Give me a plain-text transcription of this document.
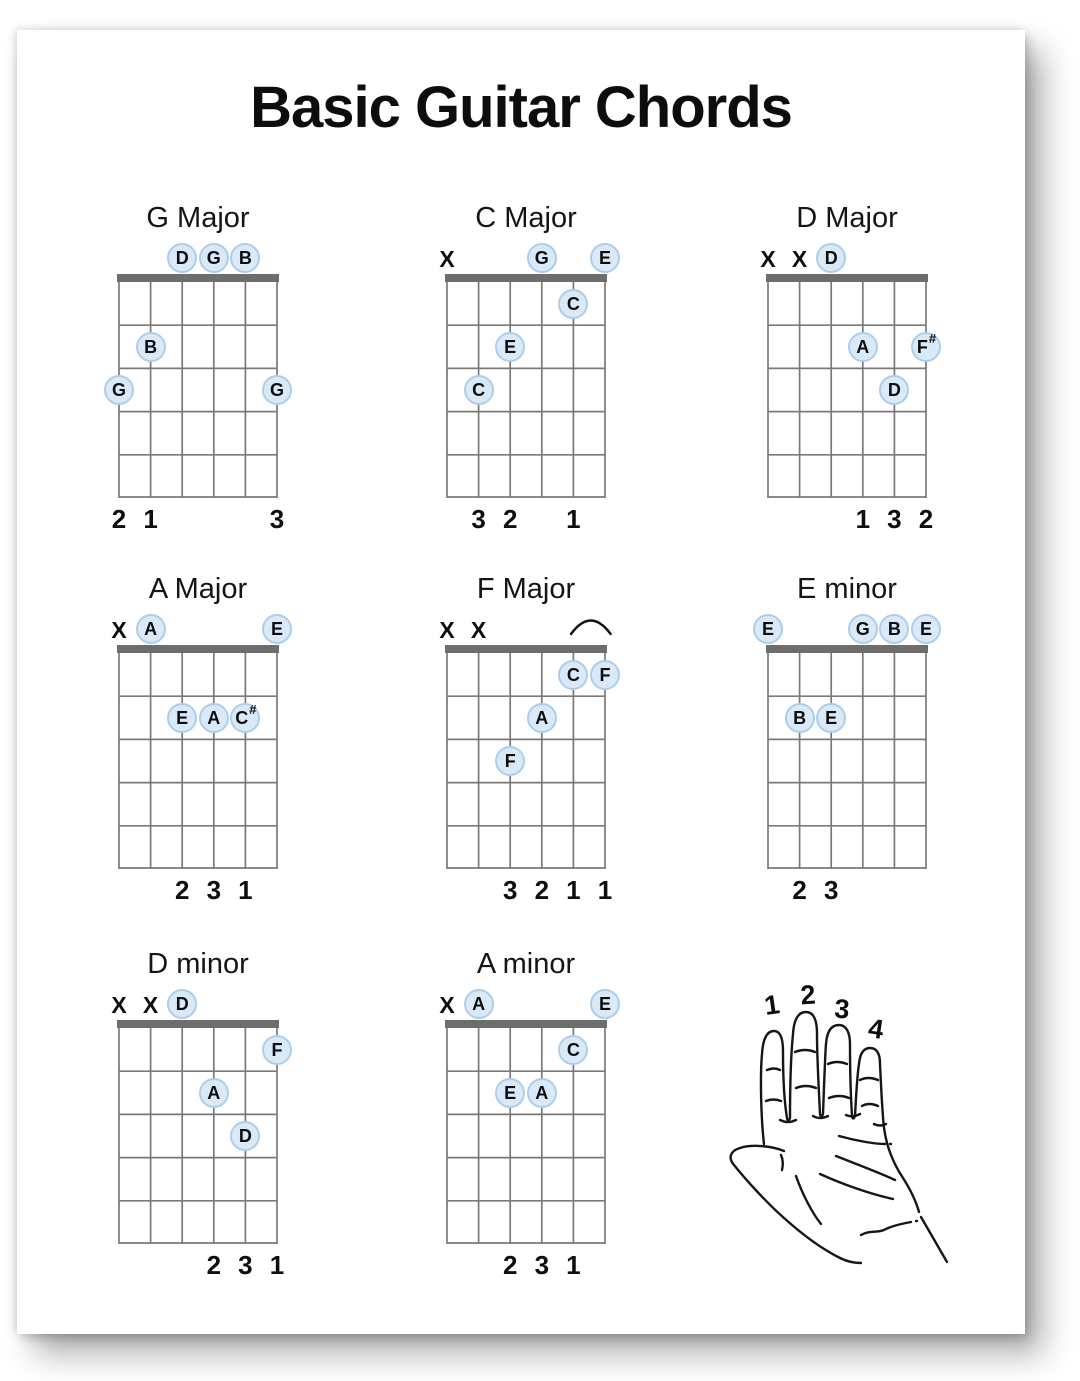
Basic Guitar Chords
G Major
D	G	B
B
G	G
2 1	3
C Major
X	G	E
C
E
C
3 2 1
D Major
X X D
A	F #
D
1 3 2
A Major
X A	E
E	A C #
2 3 1
F Major
X X
C	F
A
F
3 2 1 1
E minor
E	G	B	E
B	E
2 3
D minor
X X D
F
A
D
2 3 1
A minor
X A	E
C
E	A
2 3 1
1 2 3
4
